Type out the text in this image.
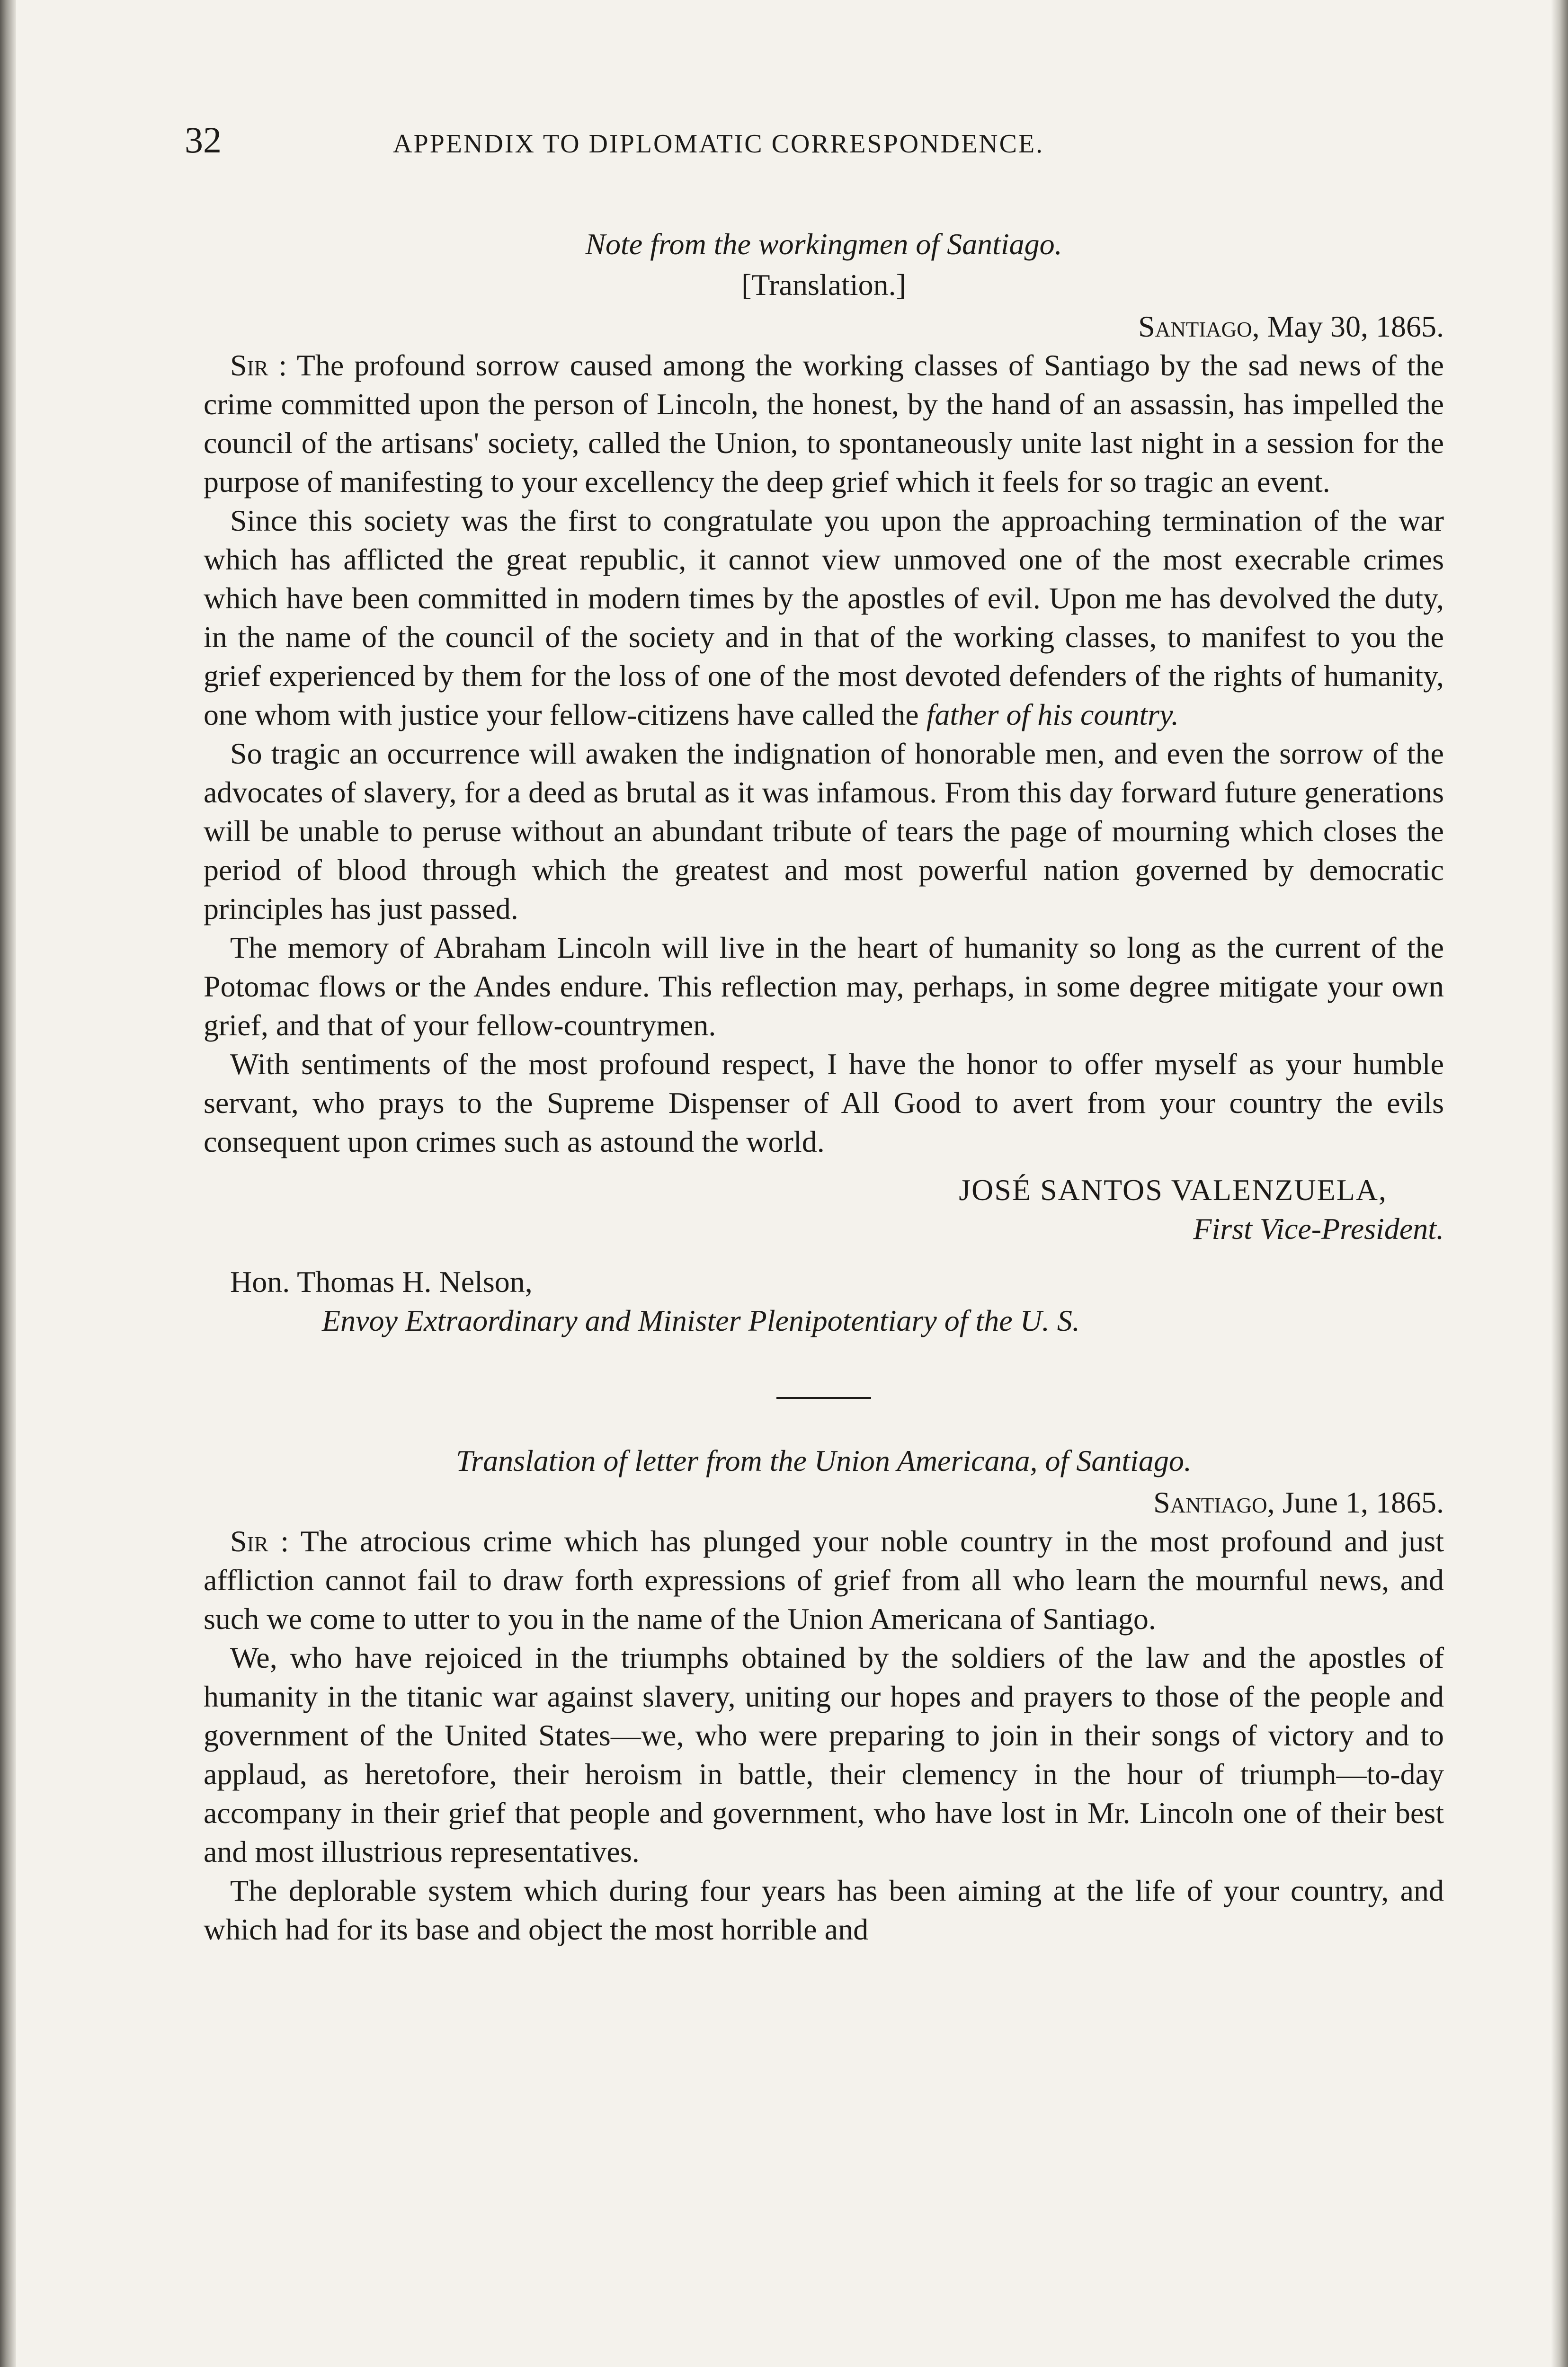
32	APPENDIX TO DIPLOMATIC CORRESPONDENCE.

Note from the workingmen of Santiago.

[Translation.]

Santiago, May 30, 1865.

Sir : The profound sorrow caused among the working classes of Santiago by the sad news of the crime committed upon the person of Lincoln, the honest, by the hand of an assassin, has impelled the council of the artisans' society, called the Union, to spontaneously unite last night in a session for the purpose of manifesting to your excellency the deep grief which it feels for so tragic an event.

Since this society was the first to congratulate you upon the approaching termination of the war which has afflicted the great republic, it cannot view unmoved one of the most execrable crimes which have been committed in modern times by the apostles of evil. Upon me has devolved the duty, in the name of the council of the society and in that of the working classes, to manifest to you the grief experienced by them for the loss of one of the most devoted defenders of the rights of humanity, one whom with justice your fellow-citizens have called the father of his country.

So tragic an occurrence will awaken the indignation of honorable men, and even the sorrow of the advocates of slavery, for a deed as brutal as it was infamous. From this day forward future generations will be unable to peruse without an abundant tribute of tears the page of mourning which closes the period of blood through which the greatest and most powerful nation governed by democratic principles has just passed.

The memory of Abraham Lincoln will live in the heart of humanity so long as the current of the Potomac flows or the Andes endure. This reflection may, perhaps, in some degree mitigate your own grief, and that of your fellow-countrymen.

With sentiments of the most profound respect, I have the honor to offer myself as your humble servant, who prays to the Supreme Dispenser of All Good to avert from your country the evils consequent upon crimes such as astound the world.

JOSÉ SANTOS VALENZUELA,

First Vice-President.

Hon. Thomas H. Nelson,

Envoy Extraordinary and Minister Plenipotentiary of the U. S.

Translation of letter from the Union Americana, of Santiago.

Santiago, June 1, 1865.

Sir : The atrocious crime which has plunged your noble country in the most profound and just affliction cannot fail to draw forth expressions of grief from all who learn the mournful news, and such we come to utter to you in the name of the Union Americana of Santiago.

We, who have rejoiced in the triumphs obtained by the soldiers of the law and the apostles of humanity in the titanic war against slavery, uniting our hopes and prayers to those of the people and government of the United States—we, who were preparing to join in their songs of victory and to applaud, as heretofore, their heroism in battle, their clemency in the hour of triumph—to-day accompany in their grief that people and government, who have lost in Mr. Lincoln one of their best and most illustrious representatives.

The deplorable system which during four years has been aiming at the life of your country, and which had for its base and object the most horrible and
